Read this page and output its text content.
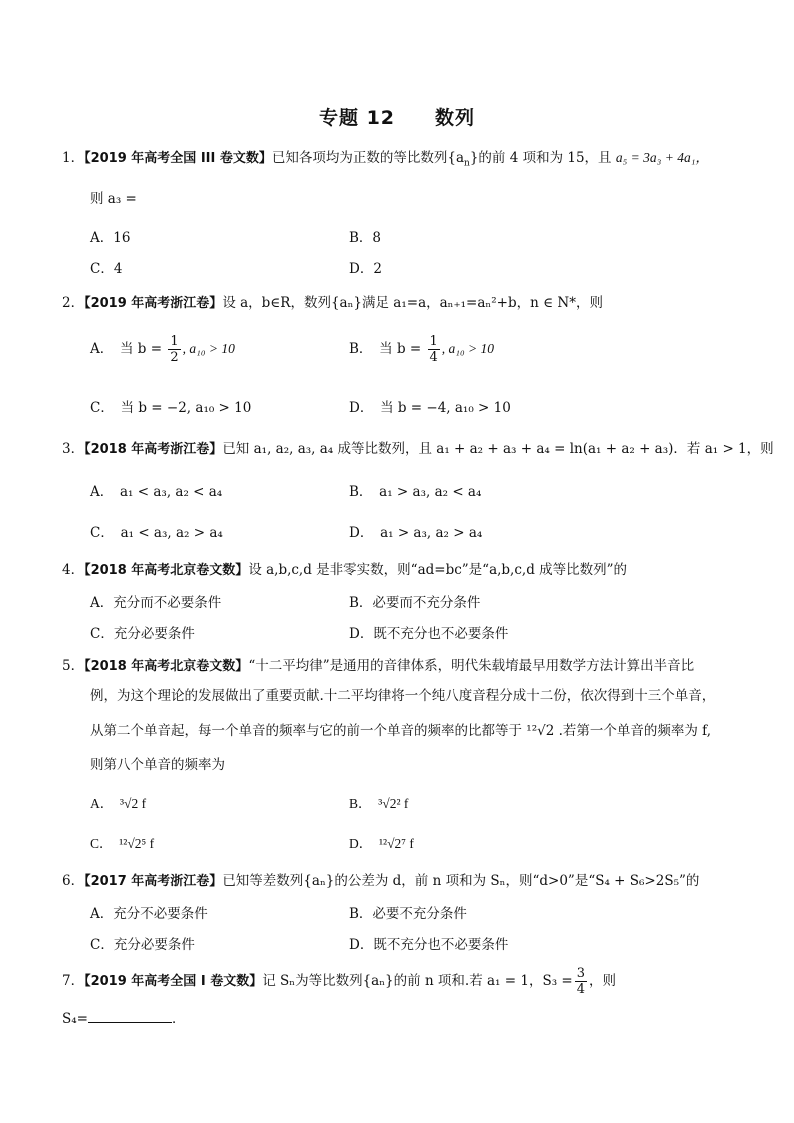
专题 12　　数列
1．【2019 年高考全国 III 卷文数】已知各项均为正数的等比数列$\{a_n\}$的前 4 项和为 15，且 a₅ = 3a₃ + 4a₁，
则 a₃ =
A．16	B．8
C．4	D．2
2．【2019 年高考浙江卷】设 a，b∈R，数列{aₙ}满足 a₁=a，aₙ₊₁=aₙ²+b，n ∈ N*，则
A．　当 $b = \frac{1}{2}$ , a₁₀ > 10	B．　当 $b = \frac{1}{4}$ , a₁₀ > 10
C．　当 b = −2, a₁₀ > 10	D．　当 b = −4, a₁₀ > 10
3．【2018 年高考浙江卷】已知 a₁, a₂, a₃, a₄ 成等比数列，且 a₁ + a₂ + a₃ + a₄ = ln(a₁ + a₂ + a₃)．若 a₁ > 1，则
A．　a₁ < a₃, a₂ < a₄	B．　a₁ > a₃, a₂ < a₄
C．　a₁ < a₃, a₂ > a₄	D．　a₁ > a₃, a₂ > a₄
4．【2018 年高考北京卷文数】设 a,b,c,d 是非零实数，则“ad=bc”是“a,b,c,d 成等比数列”的
A．充分而不必要条件	B．必要而不充分条件
C．充分必要条件	D．既不充分也不必要条件
5．【2018 年高考北京卷文数】“十二平均律”是通用的音律体系，明代朱载堉最早用数学方法计算出半音比
例，为这个理论的发展做出了重要贡献.十二平均律将一个纯八度音程分成十二份，依次得到十三个单音，
从第二个单音起，每一个单音的频率与它的前一个单音的频率的比都等于 ¹²√2 .若第一个单音的频率为 f,
则第八个单音的频率为
A．　³√2 f	B．　³√2² f
C．　¹²√2⁵ f	D．　¹²√2⁷ f
6．【2017 年高考浙江卷】已知等差数列{aₙ}的公差为 d，前 n 项和为 Sₙ，则“d>0”是“S₄ + S₆>2S₅”的
A．充分不必要条件	B．必要不充分条件
C．充分必要条件	D．既不充分也不必要条件
7．【2019 年高考全国 I 卷文数】记 Sₙ为等比数列{aₙ}的前 n 项和.若 a₁ = 1，$S_3 = \frac{3}{4}$ ，则
S₄=	．
